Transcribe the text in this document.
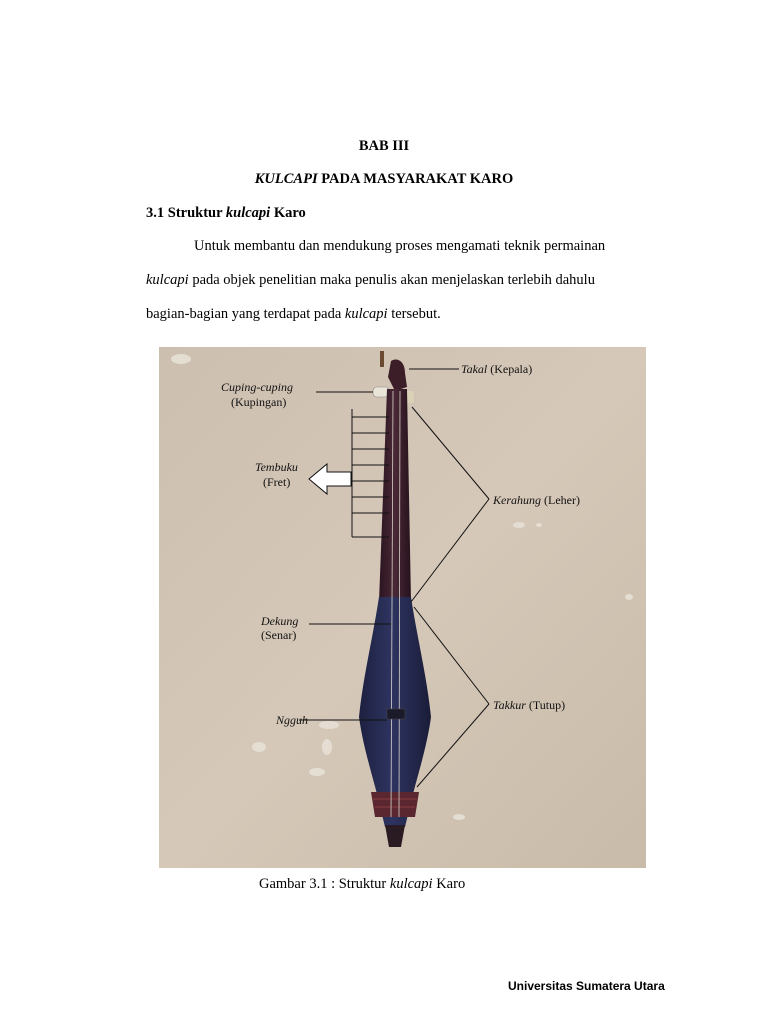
BAB III
KULCAPI PADA MASYARAKAT KARO
3.1 Struktur kulcapi Karo
Untuk membantu dan mendukung proses mengamati teknik permainan
kulcapi pada objek penelitian maka penulis akan menjelaskan terlebih dahulu
bagian-bagian yang terdapat pada kulcapi tersebut.
Takal (Kepala)
Cuping-cuping
(Kupingan)
Tembuku
(Fret)
Kerahung (Leher)
Dekung
(Senar)
Takkur (Tutup)
Ngguh
Gambar 3.1 : Struktur kulcapi Karo
Universitas Sumatera Utara
